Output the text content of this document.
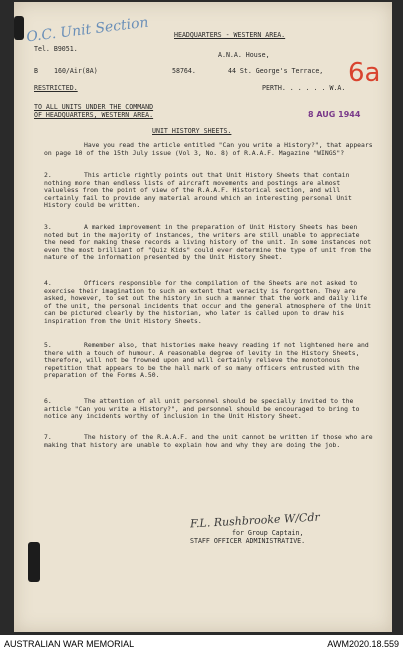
O.C. Unit Section
Tel. B9051.
HEADQUARTERS - WESTERN AREA.
A.N.A. House,
B 160/Air(8A)	58764.	44 St. George's Terrace,
RESTRICTED.	PERTH. . . . . . W.A. 6a
8 AUG 1944
TO ALL UNITS UNDER THE COMMAND
OF HEADQUARTERS, WESTERN AREA.
UNIT HISTORY SHEETS.
Have you read the article entitled "Can you write a History?", that appears on page 10 of the 15th July issue (Vol 3, No. 8) of R.A.A.F. Magazine "WINGS"?
2.	This article rightly points out that Unit History Sheets that contain nothing more than endless lists of aircraft movements and postings are almost valueless from the point of view of the R.A.A.F. Historical section, and will certainly fail to provide any material around which an interesting personal Unit History could be written.
3.	A marked improvement in the preparation of Unit History Sheets has been noted but in the majority of instances, the writers are still unable to appreciate the need for making these records a living history of the unit. In some instances not even the most brilliant of "Quiz Kids" could ever determine the type of unit from the nature of the information presented by the Unit History Sheet.
4.	Officers responsible for the compilation of the Sheets are not asked to exercise their imagination to such an extent that veracity is forgotten. They are asked, however, to set out the history in such a manner that the work and daily life of the unit, the personal incidents that occur and the general atmosphere of the Unit can be pictured clearly by the historian, who later is called upon to draw his inspiration from the Unit History Sheets.
5.	Remember also, that histories make heavy reading if not lightened here and there with a touch of humour. A reasonable degree of levity in the History Sheets, therefore, will not be frowned upon and will certainly relieve the monotonous repetition that appears to be the hall mark of so many officers entrusted with the preparation of the Forms A.50.
6.	The attention of all unit personnel should be specially invited to the article "Can you write a History?", and personnel should be encouraged to bring to notice any incidents worthy of inclusion in the Unit History Sheet.
7.	The history of the R.A.A.F. and the unit cannot be written if those who are making that history are unable to explain how and why they are doing the job.
F.L. Rushbrooke W/Cdr
for Group Captain,
STAFF OFFICER ADMINISTRATIVE.
AUSTRALIAN WAR MEMORIAL	AWM2020.18.559
